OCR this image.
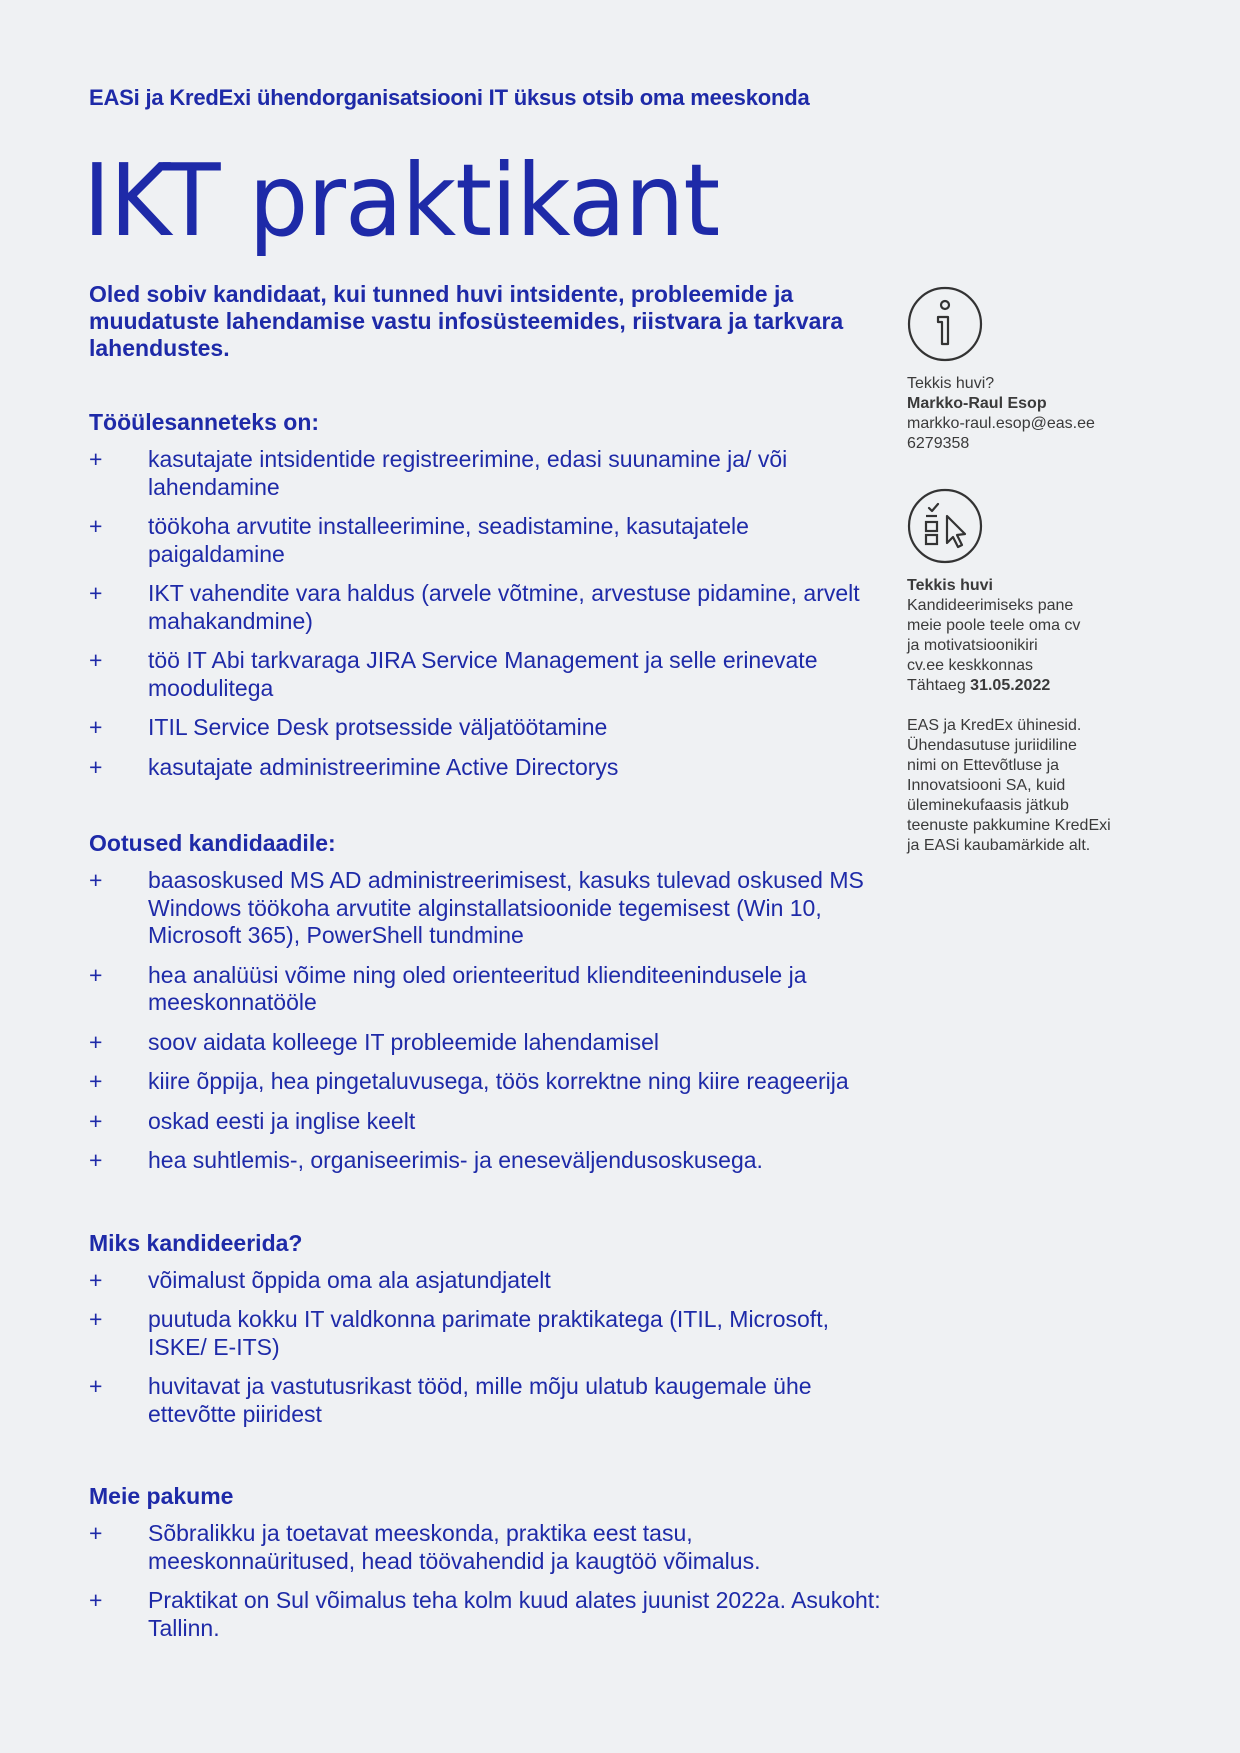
EASi ja KredExi ühendorganisatsiooni IT üksus otsib oma meeskonda

IKT praktikant

Oled sobiv kandidaat, kui tunned huvi intsidente, probleemide ja muudatuste lahendamise vastu infosüsteemides, riistvara ja tarkvara lahendustes.

Tööülesanneteks on:
+ kasutajate intsidentide registreerimine, edasi suunamine ja/ või lahendamine
+ töökoha arvutite installeerimine, seadistamine, kasutajatele paigaldamine
+ IKT vahendite vara haldus (arvele võtmine, arvestuse pidamine, arvelt mahakandmine)
+ töö IT Abi tarkvaraga JIRA Service Management ja selle erinevate moodulitega
+ ITIL Service Desk protsesside väljatöötamine
+ kasutajate administreerimine Active Directorys
Ootused kandidaadile:
+ baasoskused MS AD administreerimisest, kasuks tulevad oskused MS Windows töökoha arvutite alginstallatsioonide tegemisest (Win 10, Microsoft 365), PowerShell tundmine
+ hea analüüsi võime ning oled orienteeritud klienditeenindusele ja meeskonnatööle
+ soov aidata kolleege IT probleemide lahendamisel
+ kiire õppija, hea pingetaluvusega, töös korrektne ning kiire reageerija
+ oskad eesti ja inglise keelt
+ hea suhtlemis-, organiseerimis- ja eneseväljendusoskusega.
Miks kandideerida?
+ võimalust õppida oma ala asjatundjatelt
+ puutuda kokku IT valdkonna parimate praktikatega (ITIL, Microsoft, ISKE/ E-ITS)
+ huvitavat ja vastutusrikast tööd, mille mõju ulatub kaugemale ühe ettevõtte piiridest
Meie pakume
+ Sõbralikku ja toetavat meeskonda, praktika eest tasu, meeskonnaüritused, head töövahendid ja kaugtöö võimalus.
+ Praktikat on Sul võimalus teha kolm kuud alates juunist 2022a. Asukoht: Tallinn.

Tekkis huvi?

Markko-Raul Esop

markko-raul.esop@eas.ee

6279358

Tekkis huvi

Kandideerimiseks pane

meie poole teele oma cv

ja motivatsioonikiri

cv.ee keskkonnas

Tähtaeg 31.05.2022

EAS ja KredEx ühinesid.

Ühendasutuse juriidiline

nimi on Ettevõtluse ja

Innovatsiooni SA, kuid

üleminekufaasis jätkub

teenuste pakkumine KredExi

ja EASi kaubamärkide alt.
